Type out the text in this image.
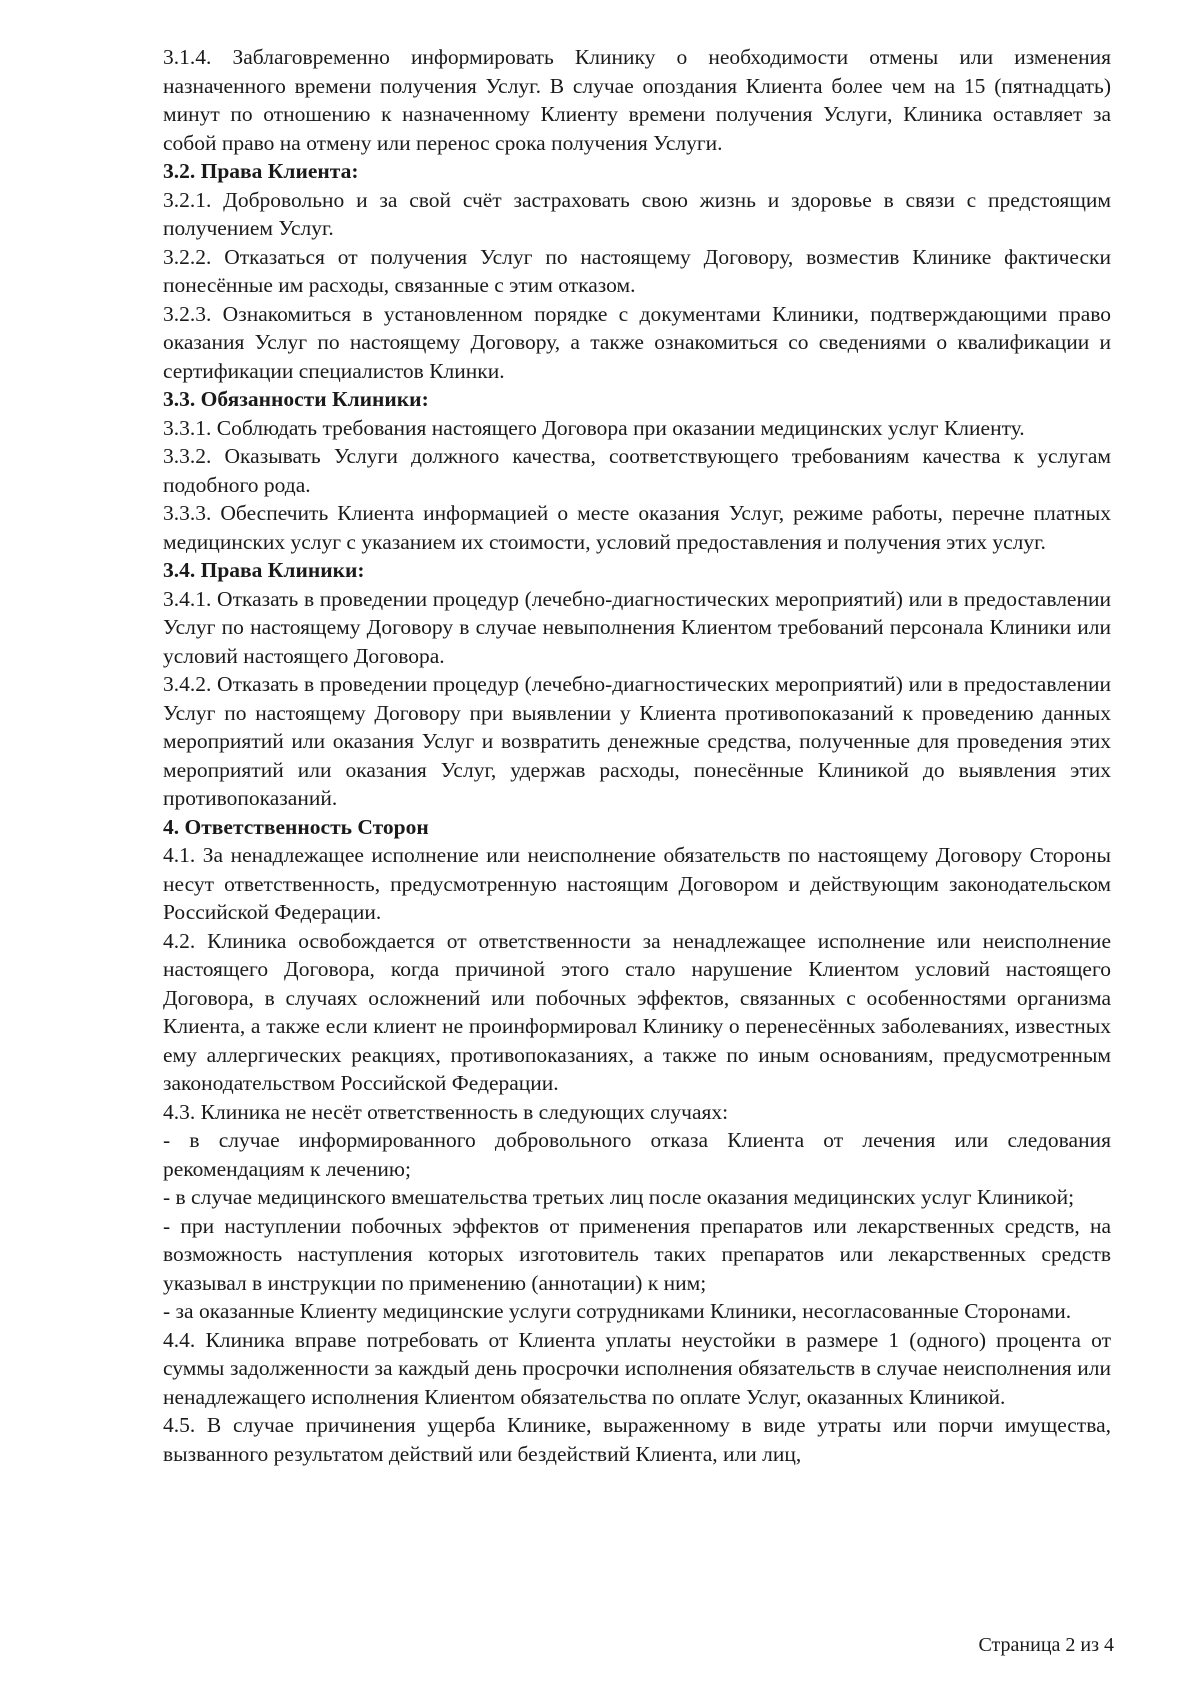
3.1.4. Заблаговременно информировать Клинику о необходимости отмены или изменения назначенного времени получения Услуг. В случае опоздания Клиента более чем на 15 (пятнадцать) минут по отношению к назначенному Клиенту времени получения Услуги, Клиника оставляет за собой право на отмену или перенос срока получения Услуги.

3.2. Права Клиента:

3.2.1. Добровольно и за свой счёт застраховать свою жизнь и здоровье в связи с предстоящим получением Услуг.

3.2.2. Отказаться от получения Услуг по настоящему Договору, возместив Клинике фактически понесённые им расходы, связанные с этим отказом.

3.2.3. Ознакомиться в установленном порядке с документами Клиники, подтверждающими право оказания Услуг по настоящему Договору, а также ознакомиться со сведениями о квалификации и сертификации специалистов Клинки.

3.3. Обязанности Клиники:

3.3.1. Соблюдать требования настоящего Договора при оказании медицинских услуг Клиенту.

3.3.2. Оказывать Услуги должного качества, соответствующего требованиям качества к услугам подобного рода.

3.3.3. Обеспечить Клиента информацией о месте оказания Услуг, режиме работы, перечне платных медицинских услуг с указанием их стоимости, условий предоставления и получения этих услуг.

3.4. Права Клиники:

3.4.1. Отказать в проведении процедур (лечебно-диагностических мероприятий) или в предоставлении Услуг по настоящему Договору в случае невыполнения Клиентом требований персонала Клиники или условий настоящего Договора.

3.4.2. Отказать в проведении процедур (лечебно-диагностических мероприятий) или в предоставлении Услуг по настоящему Договору при выявлении у Клиента противопоказаний к проведению данных мероприятий или оказания Услуг и возвратить денежные средства, полученные для проведения этих мероприятий или оказания Услуг, удержав расходы, понесённые Клиникой до выявления этих противопоказаний.

4. Ответственность Сторон

4.1. За ненадлежащее исполнение или неисполнение обязательств по настоящему Договору Стороны несут ответственность, предусмотренную настоящим Договором и действующим законодательском Российской Федерации.

4.2. Клиника освобождается от ответственности за ненадлежащее исполнение или неисполнение настоящего Договора, когда причиной этого стало нарушение Клиентом условий настоящего Договора, в случаях осложнений или побочных эффектов, связанных с особенностями организма Клиента, а также если клиент не проинформировал Клинику о перенесённых заболеваниях, известных ему аллергических реакциях, противопоказаниях, а также по иным основаниям, предусмотренным законодательством Российской Федерации.

4.3. Клиника не несёт ответственность в следующих случаях:

- в случае информированного добровольного отказа Клиента от лечения или следования рекомендациям к лечению;

- в случае медицинского вмешательства третьих лиц после оказания медицинских услуг Клиникой;

- при наступлении побочных эффектов от применения препаратов или лекарственных средств, на возможность наступления которых изготовитель таких препаратов или лекарственных средств указывал в инструкции по применению (аннотации) к ним;

- за оказанные Клиенту медицинские услуги сотрудниками Клиники, несогласованные Сторонами.

4.4. Клиника вправе потребовать от Клиента уплаты неустойки в размере 1 (одного) процента от суммы задолженности за каждый день просрочки исполнения обязательств в случае неисполнения или ненадлежащего исполнения Клиентом обязательства по оплате Услуг, оказанных Клиникой.

4.5. В случае причинения ущерба Клинике, выраженному в виде утраты или порчи имущества, вызванного результатом действий или бездействий Клиента, или лиц,

Страница 2 из 4
